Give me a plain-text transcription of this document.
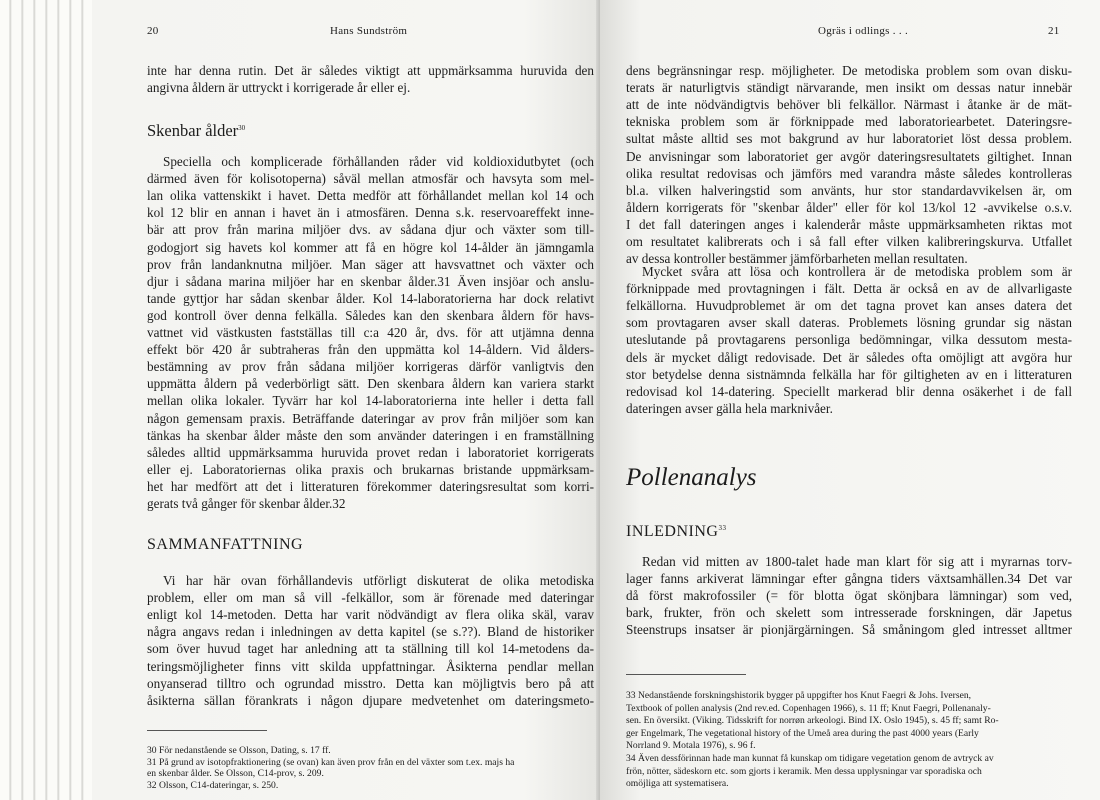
20	Hans Sundström
inte har denna rutin. Det är således viktigt att uppmärksamma huruvida den
angivna åldern är uttryckt i korrigerade år eller ej.
Skenbar ålder$^{30}$
Speciella och komplicerade förhållanden råder vid koldioxidutbytet (och
därmed även för kolisotoperna) såväl mellan atmosfär och havsyta som mel-
lan olika vattenskikt i havet. Detta medför att förhållandet mellan kol 14 och
kol 12 blir en annan i havet än i atmosfären. Denna s.k. reservoareffekt inne-
bär att prov från marina miljöer dvs. av sådana djur och växter som till-
godogjort sig havets kol kommer att få en högre kol 14-ålder än jämngamla
prov från landanknutna miljöer. Man säger att havsvattnet och växter och
djur i sådana marina miljöer har en skenbar ålder.31 Även insjöar och anslu-
tande gyttjor har sådan skenbar ålder. Kol 14-laboratorierna har dock relativt
god kontroll över denna felkälla. Således kan den skenbara åldern för havs-
vattnet vid västkusten fastställas till c:a 420 år, dvs. för att utjämna denna
effekt bör 420 år subtraheras från den uppmätta kol 14-åldern. Vid ålders-
bestämning av prov från sådana miljöer korrigeras därför vanligtvis den
uppmätta åldern på vederbörligt sätt. Den skenbara åldern kan variera starkt
mellan olika lokaler. Tyvärr har kol 14-laboratorierna inte heller i detta fall
någon gemensam praxis. Beträffande dateringar av prov från miljöer som kan
tänkas ha skenbar ålder måste den som använder dateringen i en framställning
således alltid uppmärksamma huruvida provet redan i laboratoriet korrigerats
eller ej. Laboratoriernas olika praxis och brukarnas bristande uppmärksam-
het har medfört att det i litteraturen förekommer dateringsresultat som korri-
gerats två gånger för skenbar ålder.32
SAMMANFATTNING
Vi har här ovan förhållandevis utförligt diskuterat de olika metodiska
problem, eller om man så vill -felkällor, som är förenade med dateringar
enligt kol 14-metoden. Detta har varit nödvändigt av flera olika skäl, varav
några angavs redan i inledningen av detta kapitel (se s.??). Bland de historiker
som över huvud taget har anledning att ta ställning till kol 14-metodens da-
teringsmöjligheter finns vitt skilda uppfattningar. Åsikterna pendlar mellan
onyanserad tilltro och ogrundad misstro. Detta kan möjligtvis bero på att
åsikterna sällan förankrats i någon djupare medvetenhet om dateringsmeto-
30 För nedanstående se Olsson, Dating, s. 17 ff.
31 På grund av isotopfraktionering (se ovan) kan även prov från en del växter som t.ex. majs ha
en skenbar ålder. Se Olsson, C14-prov, s. 209.
32 Olsson, C14-dateringar, s. 250.
Ogräs i odlings . . .	21
dens begränsningar resp. möjligheter. De metodiska problem som ovan disku-
terats är naturligtvis ständigt närvarande, men insikt om dessas natur innebär
att de inte nödvändigtvis behöver bli felkällor. Närmast i åtanke är de mät-
tekniska problem som är förknippade med laboratoriearbetet. Dateringsre-
sultat måste alltid ses mot bakgrund av hur laboratoriet löst dessa problem.
De anvisningar som laboratoriet ger avgör dateringsresultatets giltighet. Innan
olika resultat redovisas och jämförs med varandra måste således kontrolleras
bl.a. vilken halveringstid som använts, hur stor standardavvikelsen är, om
åldern korrigerats för "skenbar ålder" eller för kol 13/kol 12 -avvikelse o.s.v.
I det fall dateringen anges i kalenderår måste uppmärksamheten riktas mot
om resultatet kalibrerats och i så fall efter vilken kalibreringskurva. Utfallet
av dessa kontroller bestämmer jämförbarheten mellan resultaten.
Mycket svåra att lösa och kontrollera är de metodiska problem som är
förknippade med provtagningen i fält. Detta är också en av de allvarligaste
felkällorna. Huvudproblemet är om det tagna provet kan anses datera det
som provtagaren avser skall dateras. Problemets lösning grundar sig nästan
uteslutande på provtagarens personliga bedömningar, vilka dessutom mesta-
dels är mycket dåligt redovisade. Det är således ofta omöjligt att avgöra hur
stor betydelse denna sistnämnda felkälla har för giltigheten av en i litteraturen
redovisad kol 14-datering. Speciellt markerad blir denna osäkerhet i de fall
dateringen avser gälla hela marknivåer.
Pollenanalys
INLEDNING$^{33}$
Redan vid mitten av 1800-talet hade man klart för sig att i myrarnas torv-
lager fanns arkiverat lämningar efter gångna tiders växtsamhällen.34 Det var
då först makrofossiler (= för blotta ögat skönjbara lämningar) som ved,
bark, frukter, frön och skelett som intresserade forskningen, där Japetus
Steenstrups insatser är pionjärgärningen. Så småningom gled intresset alltmer
33 Nedanstående forskningshistorik bygger på uppgifter hos Knut Faegri & Johs. Iversen,
Textbook of pollen analysis (2nd rev.ed. Copenhagen 1966), s. 11 ff; Knut Faegri, Pollenanaly-
sen. En översikt. (Viking. Tidsskrift for norrøn arkeologi. Bind IX. Oslo 1945), s. 45 ff; samt Ro-
ger Engelmark, The vegetational history of the Umeå area during the past 4000 years (Early
Norrland 9. Motala 1976), s. 96 f.
34 Även dessförinnan hade man kunnat få kunskap om tidigare vegetation genom de avtryck av
frön, nötter, sädeskorn etc. som gjorts i keramik. Men dessa upplysningar var sporadiska och
omöjliga att systematisera.
